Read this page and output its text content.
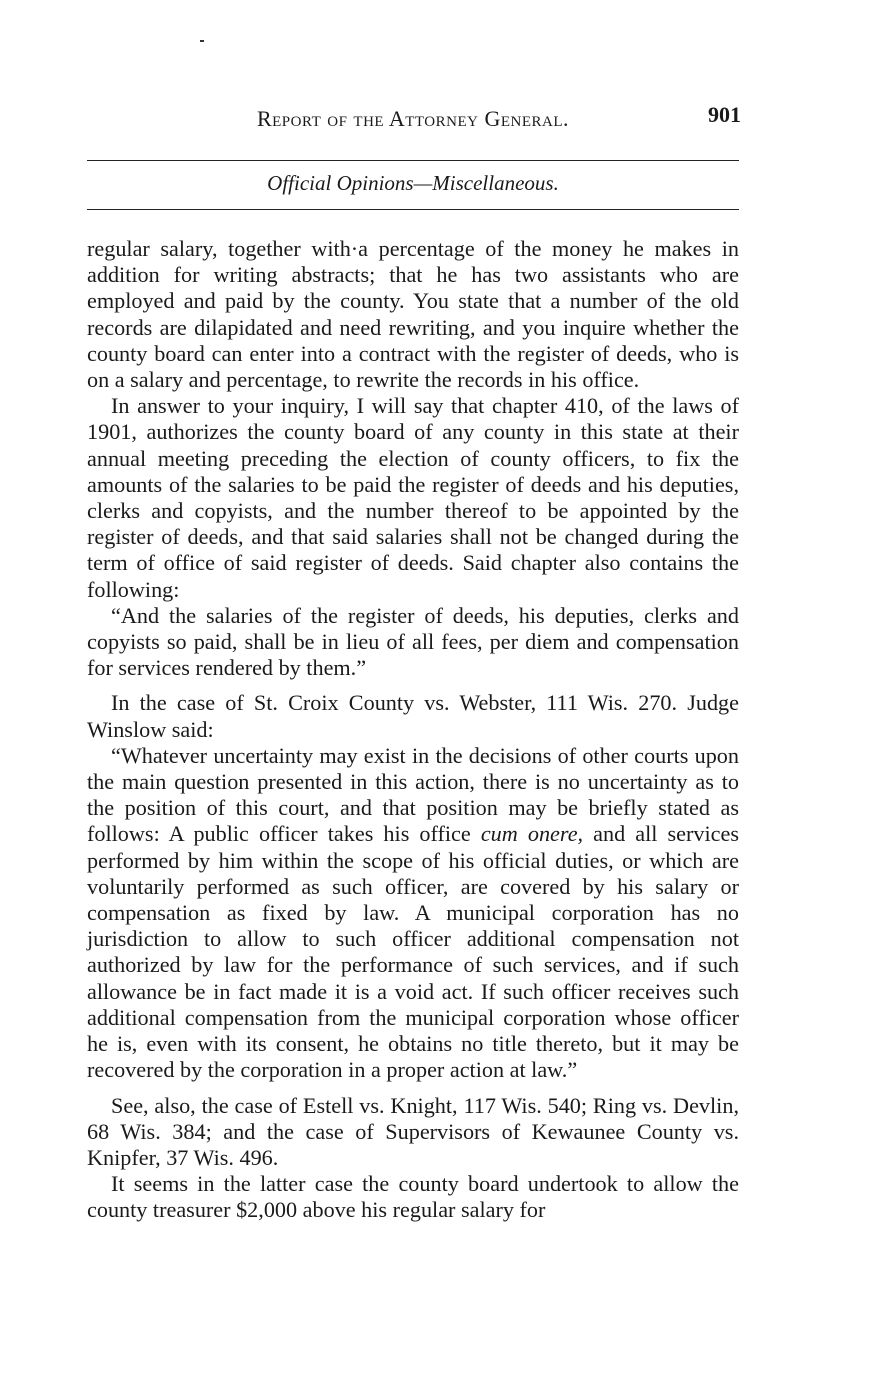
Report of the Attorney General.	901
Official Opinions—Miscellaneous.

regular salary, together with·a percentage of the money he makes in addition for writing abstracts; that he has two assistants who are employed and paid by the county. You state that a number of the old records are dilapidated and need rewriting, and you inquire whether the county board can enter into a contract with the register of deeds, who is on a salary and percentage, to rewrite the records in his office.

In answer to your inquiry, I will say that chapter 410, of the laws of 1901, authorizes the county board of any county in this state at their annual meeting preceding the election of county officers, to fix the amounts of the salaries to be paid the register of deeds and his deputies, clerks and copyists, and the number thereof to be appointed by the register of deeds, and that said salaries shall not be changed during the term of office of said register of deeds. Said chapter also contains the following:

“And the salaries of the register of deeds, his deputies, clerks and copyists so paid, shall be in lieu of all fees, per diem and compensation for services rendered by them.”

In the case of St. Croix County vs. Webster, 111 Wis. 270. Judge Winslow said:

“Whatever uncertainty may exist in the decisions of other courts upon the main question presented in this action, there is no uncertainty as to the position of this court, and that position may be briefly stated as follows: A public officer takes his office cum onere, and all services performed by him within the scope of his official duties, or which are voluntarily performed as such officer, are covered by his salary or compensation as fixed by law. A municipal corporation has no jurisdiction to allow to such officer additional compensation not authorized by law for the performance of such services, and if such allowance be in fact made it is a void act. If such officer receives such additional compensation from the municipal corporation whose officer he is, even with its consent, he obtains no title thereto, but it may be recovered by the corporation in a proper action at law.”

See, also, the case of Estell vs. Knight, 117 Wis. 540; Ring vs. Devlin, 68 Wis. 384; and the case of Supervisors of Kewaunee County vs. Knipfer, 37 Wis. 496.

It seems in the latter case the county board undertook to allow the county treasurer $2,000 above his regular salary for
